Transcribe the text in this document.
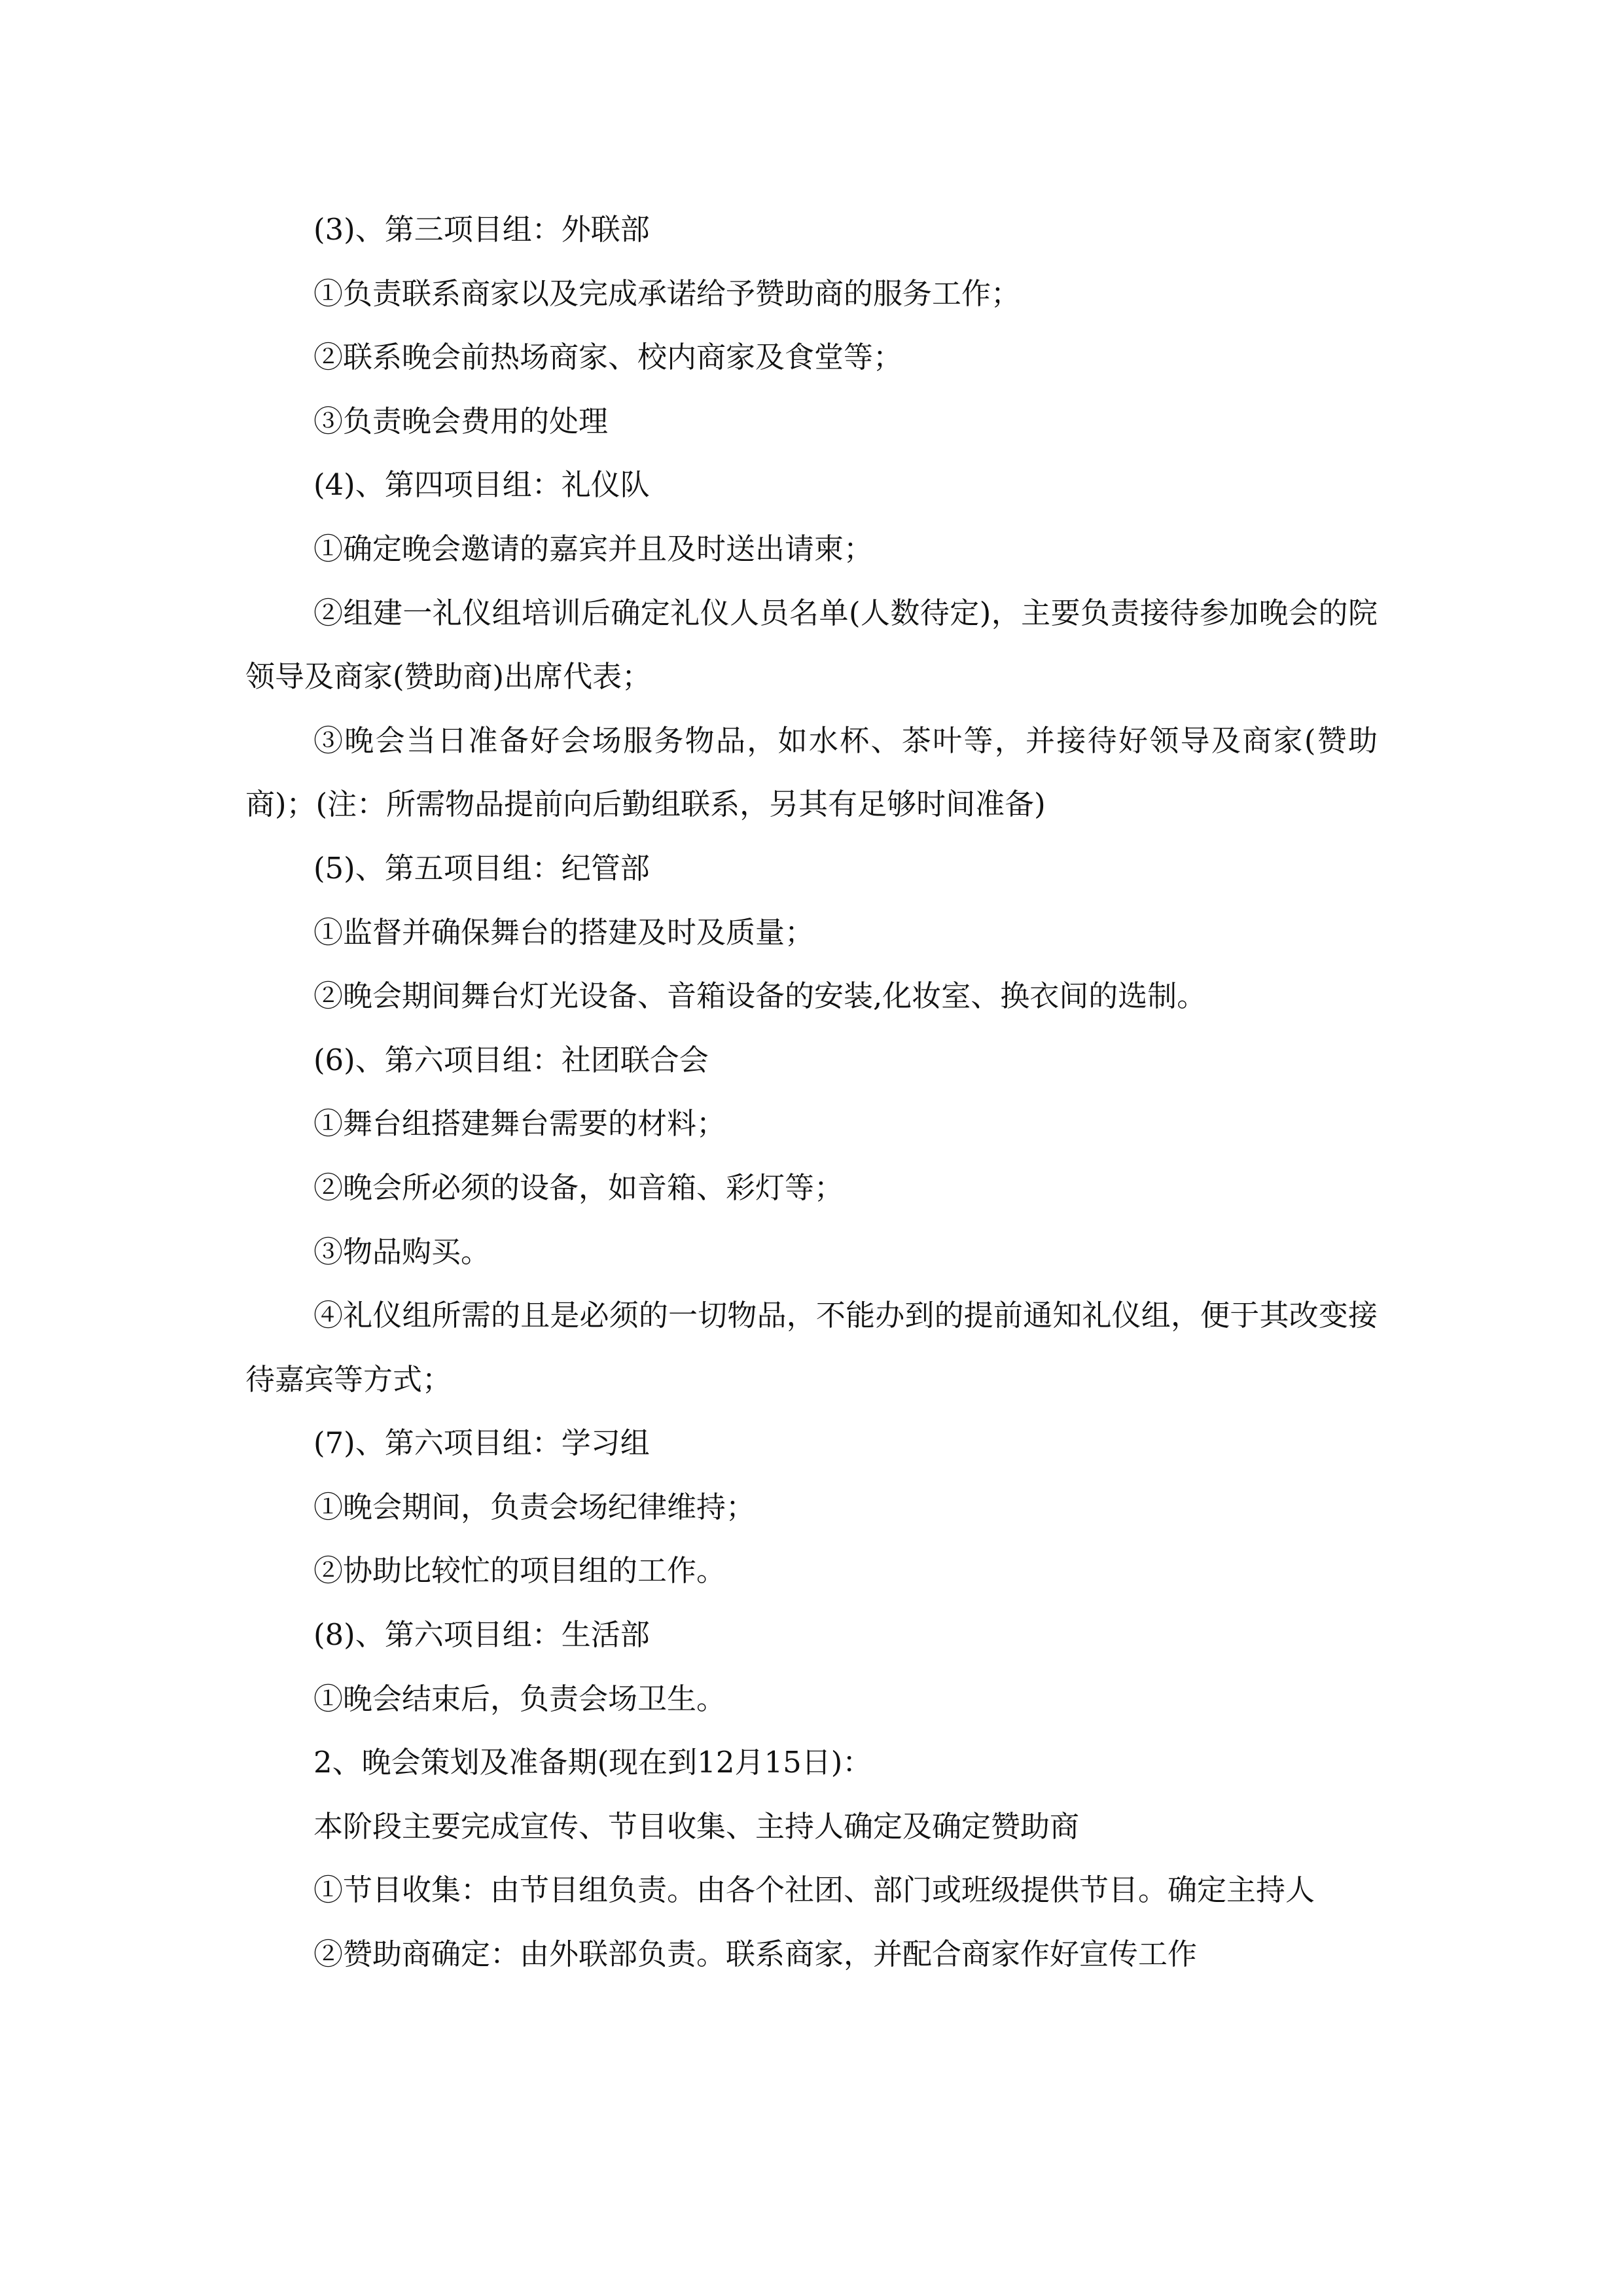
(3)、第三项目组：外联部

①负责联系商家以及完成承诺给予赞助商的服务工作；

②联系晚会前热场商家、校内商家及食堂等；

③负责晚会费用的处理

(4)、第四项目组：礼仪队

①确定晚会邀请的嘉宾并且及时送出请柬；

②组建一礼仪组培训后确定礼仪人员名单(人数待定)，主要负责接待参加晚会的院领导及商家(赞助商)出席代表；

③晚会当日准备好会场服务物品，如水杯、茶叶等，并接待好领导及商家(赞助商)；(注：所需物品提前向后勤组联系，另其有足够时间准备)

(5)、第五项目组：纪管部

①监督并确保舞台的搭建及时及质量；

②晚会期间舞台灯光设备、音箱设备的安装,化妆室、换衣间的选制。

(6)、第六项目组：社团联合会

①舞台组搭建舞台需要的材料；

②晚会所必须的设备，如音箱、彩灯等；

③物品购买。

④礼仪组所需的且是必须的一切物品，不能办到的提前通知礼仪组，便于其改变接待嘉宾等方式；

(7)、第六项目组：学习组

①晚会期间，负责会场纪律维持；

②协助比较忙的项目组的工作。

(8)、第六项目组：生活部

①晚会结束后，负责会场卫生。

2、晚会策划及准备期(现在到12月15日)：

本阶段主要完成宣传、节目收集、主持人确定及确定赞助商

①节目收集：由节目组负责。由各个社团、部门或班级提供节目。确定主持人

②赞助商确定：由外联部负责。联系商家，并配合商家作好宣传工作
